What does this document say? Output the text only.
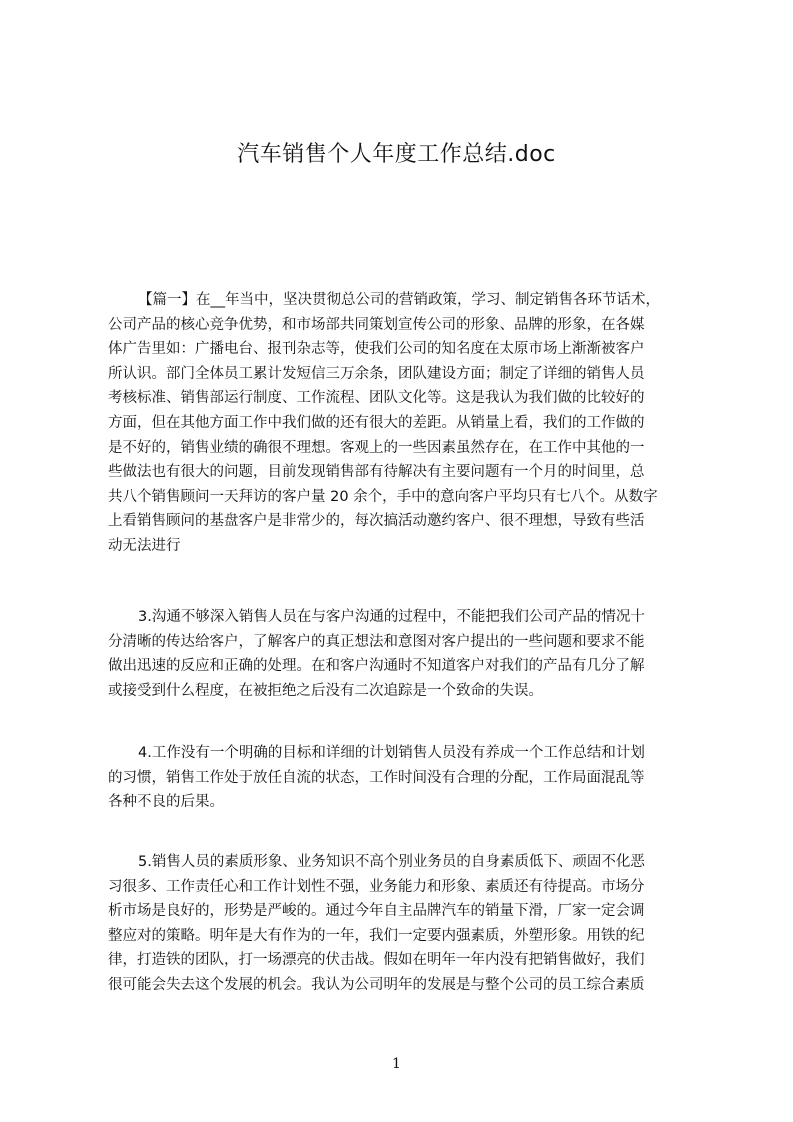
汽车销售个人年度工作总结.doc
【篇一】在__年当中，坚决贯彻总公司的营销政策，学习、制定销售各环节话术，
公司产品的核心竞争优势，和市场部共同策划宣传公司的形象、品牌的形象，在各媒
体广告里如：广播电台、报刊杂志等，使我们公司的知名度在太原市场上渐渐被客户
所认识。部门全体员工累计发短信三万余条，团队建设方面；制定了详细的销售人员
考核标准、销售部运行制度、工作流程、团队文化等。这是我认为我们做的比较好的
方面，但在其他方面工作中我们做的还有很大的差距。从销量上看，我们的工作做的
是不好的，销售业绩的确很不理想。客观上的一些因素虽然存在，在工作中其他的一
些做法也有很大的问题，目前发现销售部有待解决有主要问题有一个月的时间里，总
共八个销售顾问一天拜访的客户量 20 余个，手中的意向客户平均只有七八个。从数字
上看销售顾问的基盘客户是非常少的，每次搞活动邀约客户、很不理想，导致有些活
动无法进行
3.沟通不够深入销售人员在与客户沟通的过程中，不能把我们公司产品的情况十
分清晰的传达给客户，了解客户的真正想法和意图对客户提出的一些问题和要求不能
做出迅速的反应和正确的处理。在和客户沟通时不知道客户对我们的产品有几分了解
或接受到什么程度，在被拒绝之后没有二次追踪是一个致命的失误。
4.工作没有一个明确的目标和详细的计划销售人员没有养成一个工作总结和计划
的习惯，销售工作处于放任自流的状态，工作时间没有合理的分配，工作局面混乱等
各种不良的后果。
5.销售人员的素质形象、业务知识不高个别业务员的自身素质低下、顽固不化恶
习很多、工作责任心和工作计划性不强，业务能力和形象、素质还有待提高。市场分
析市场是良好的，形势是严峻的。通过今年自主品牌汽车的销量下滑，厂家一定会调
整应对的策略。明年是大有作为的一年，我们一定要内强素质，外塑形象。用铁的纪
律，打造铁的团队，打一场漂亮的伏击战。假如在明年一年内没有把销售做好，我们
很可能会失去这个发展的机会。我认为公司明年的发展是与整个公司的员工综合素质
1
